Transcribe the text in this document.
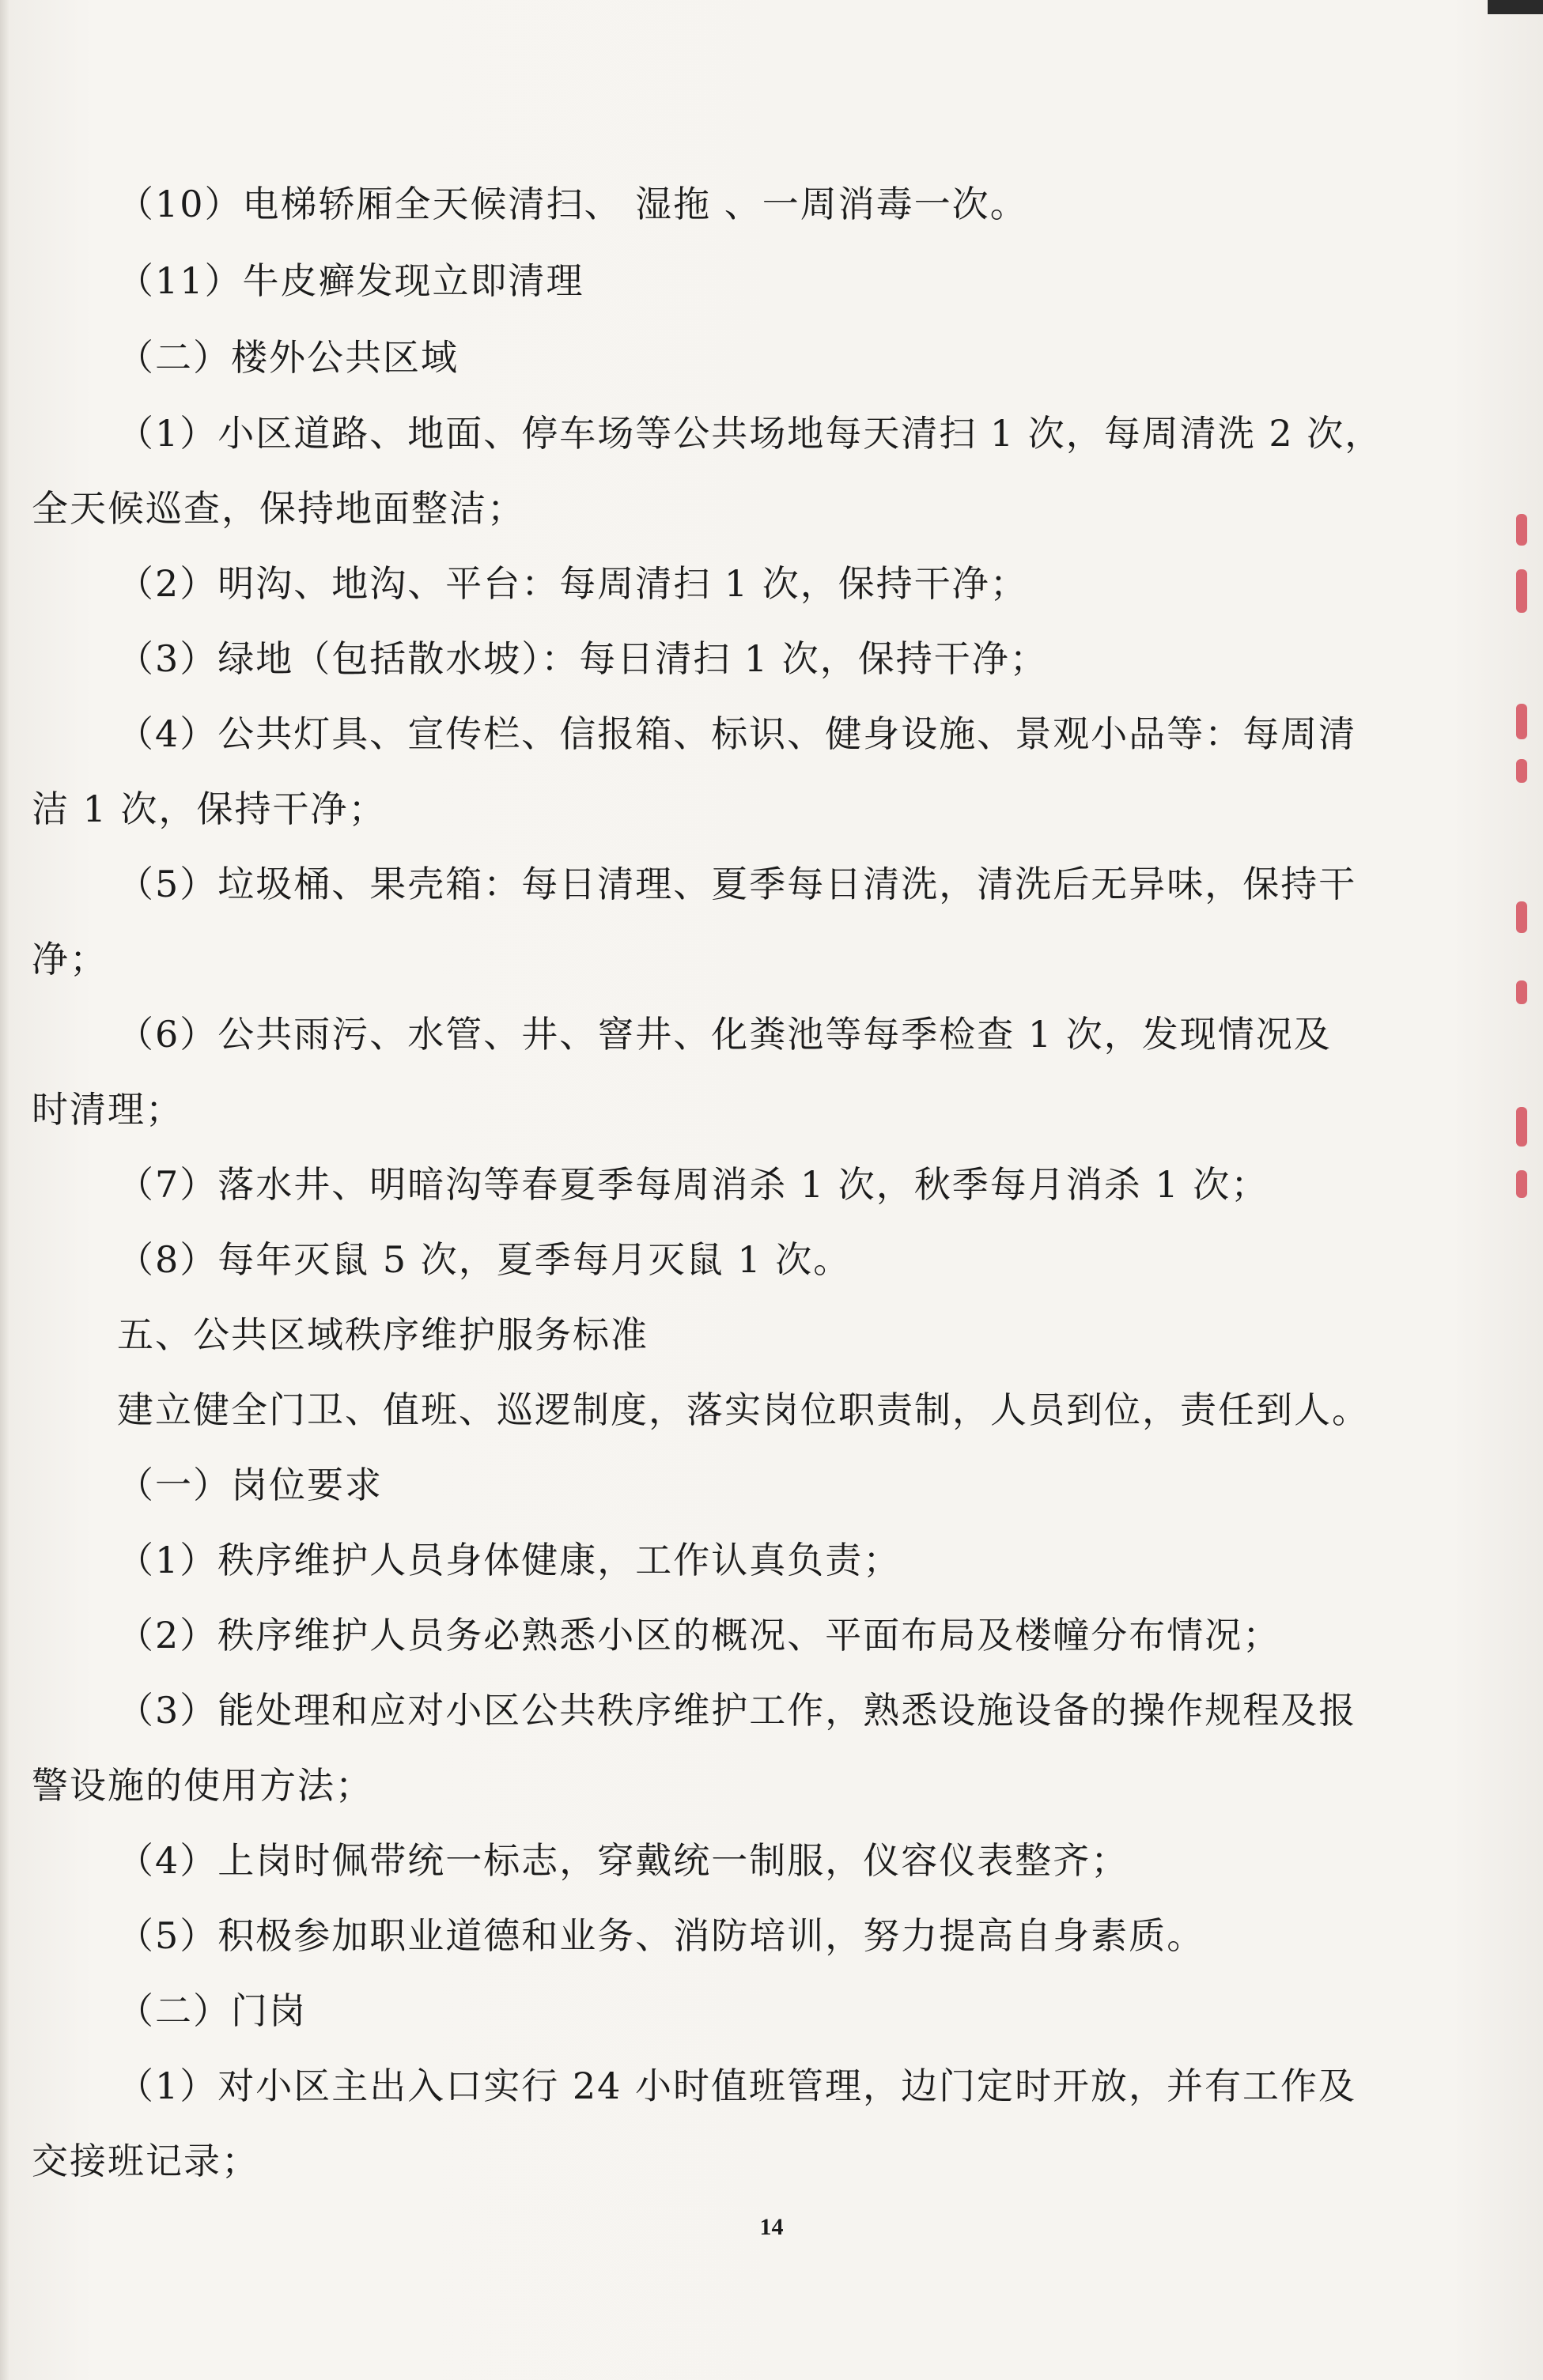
（10）电梯轿厢全天候清扫、 湿拖 、一周消毒一次。
（11）牛皮癣发现立即清理
（二）楼外公共区域
（1）小区道路、地面、停车场等公共场地每天清扫 1 次，每周清洗 2 次，
全天候巡查，保持地面整洁；
（2）明沟、地沟、平台：每周清扫 1 次，保持干净；
（3）绿地（包括散水坡）：每日清扫 1 次，保持干净；
（4）公共灯具、宣传栏、信报箱、标识、健身设施、景观小品等：每周清
洁 1 次，保持干净；
（5）垃圾桶、果壳箱：每日清理、夏季每日清洗，清洗后无异味，保持干
净；
（6）公共雨污、水管、井、窨井、化粪池等每季检查 1 次，发现情况及
时清理；
（7）落水井、明暗沟等春夏季每周消杀 1 次，秋季每月消杀 1 次；
（8）每年灭鼠 5 次，夏季每月灭鼠 1 次。
五、公共区域秩序维护服务标准
建立健全门卫、值班、巡逻制度，落实岗位职责制，人员到位，责任到人。
（一）岗位要求
（1）秩序维护人员身体健康，工作认真负责；
（2）秩序维护人员务必熟悉小区的概况、平面布局及楼幢分布情况；
（3）能处理和应对小区公共秩序维护工作，熟悉设施设备的操作规程及报
警设施的使用方法；
（4）上岗时佩带统一标志，穿戴统一制服，仪容仪表整齐；
（5）积极参加职业道德和业务、消防培训，努力提高自身素质。
（二）门岗
（1）对小区主出入口实行 24 小时值班管理，边门定时开放，并有工作及
交接班记录；
14
